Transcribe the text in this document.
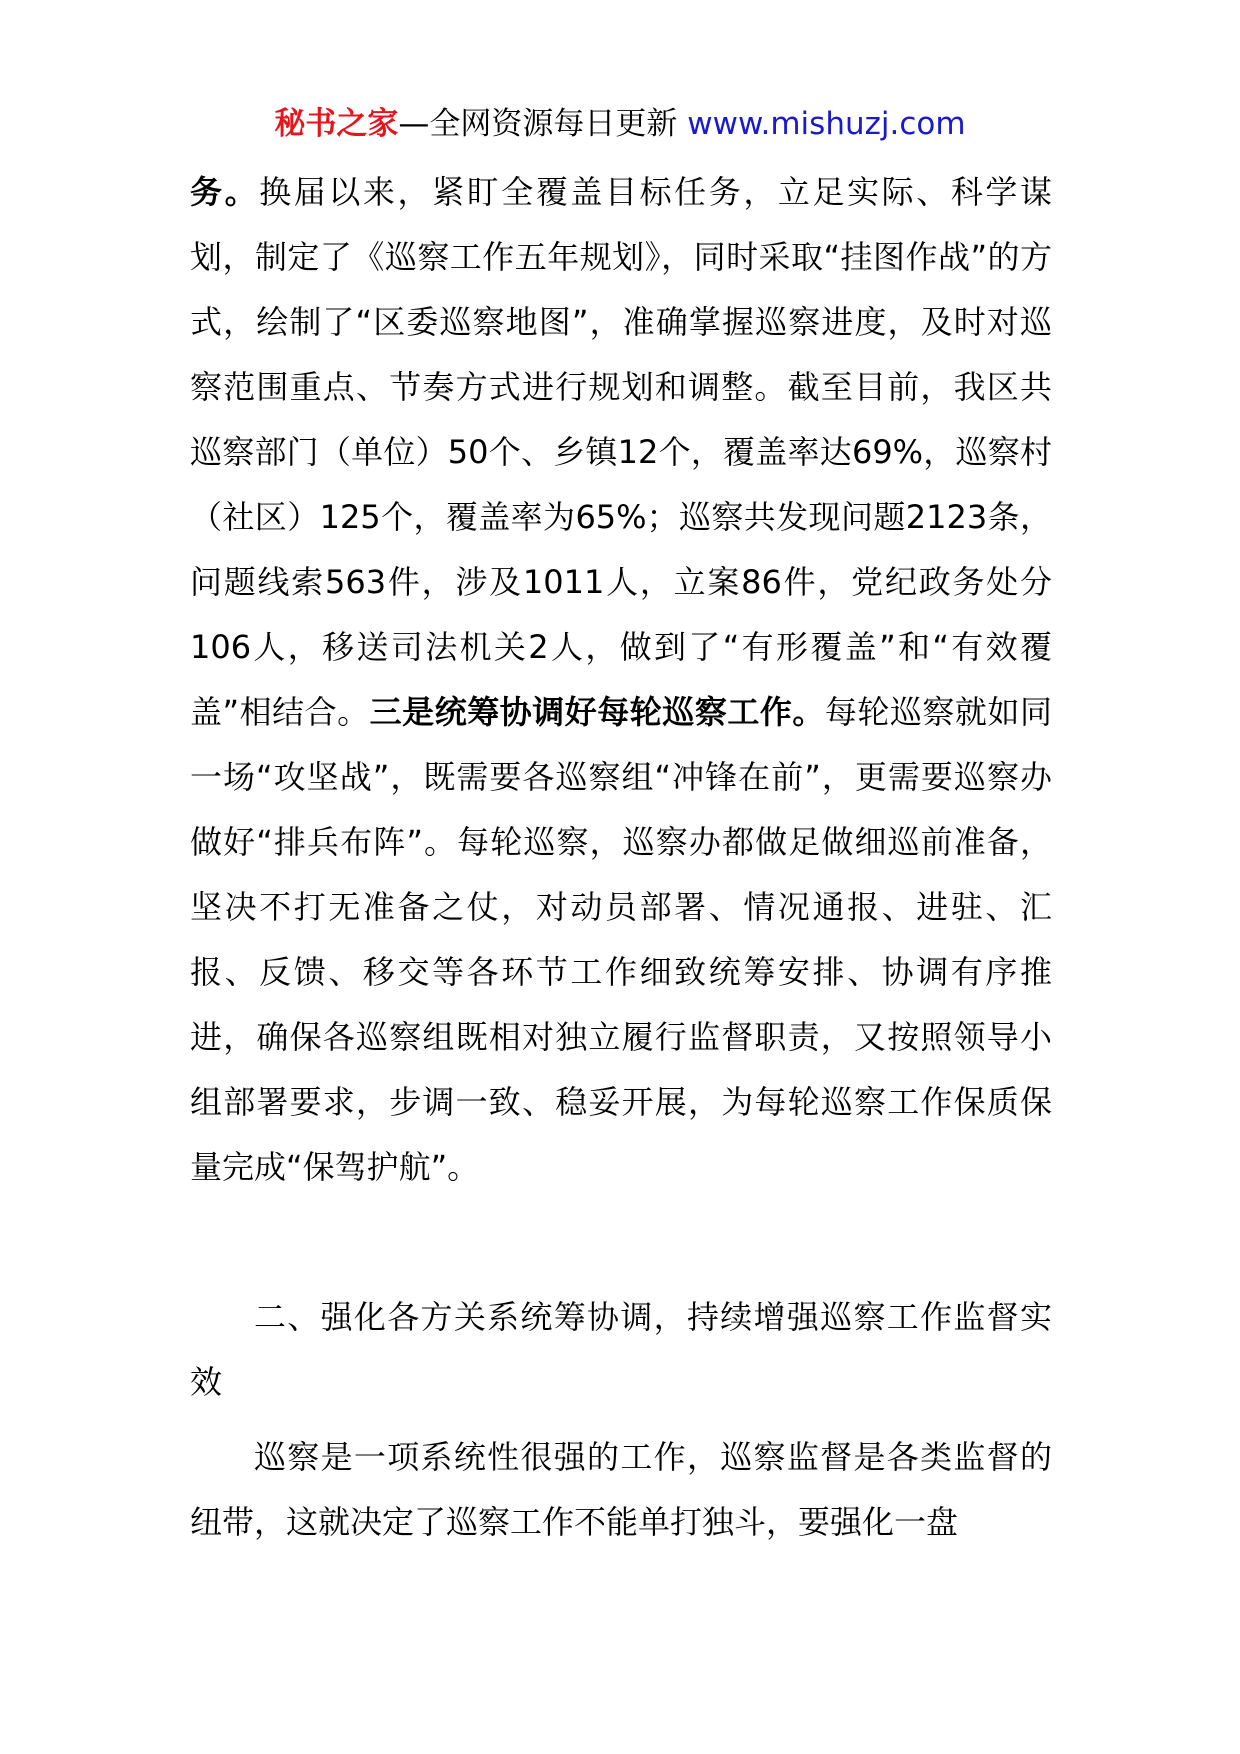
秘书之家—全网资源每日更新 www.mishuzj.com

务。换届以来，紧盯全覆盖目标任务，立足实际、科学谋划，制定了《巡察工作五年规划》，同时采取“挂图作战”的方式，绘制了“区委巡察地图”，准确掌握巡察进度，及时对巡察范围重点、节奏方式进行规划和调整。截至目前，我区共巡察部门（单位）50个、乡镇12个，覆盖率达69%，巡察村（社区）125个，覆盖率为65%；巡察共发现问题2123条，问题线索563件，涉及1011人，立案86件，党纪政务处分106人，移送司法机关2人，做到了“有形覆盖”和“有效覆盖”相结合。三是统筹协调好每轮巡察工作。每轮巡察就如同一场“攻坚战”，既需要各巡察组“冲锋在前”，更需要巡察办做好“排兵布阵”。每轮巡察，巡察办都做足做细巡前准备，坚决不打无准备之仗，对动员部署、情况通报、进驻、汇报、反馈、移交等各环节工作细致统筹安排、协调有序推进，确保各巡察组既相对独立履行监督职责，又按照领导小组部署要求，步调一致、稳妥开展，为每轮巡察工作保质保量完成“保驾护航”。

二、强化各方关系统筹协调，持续增强巡察工作监督实效

巡察是一项系统性很强的工作，巡察监督是各类监督的纽带，这就决定了巡察工作不能单打独斗，要强化一盘
